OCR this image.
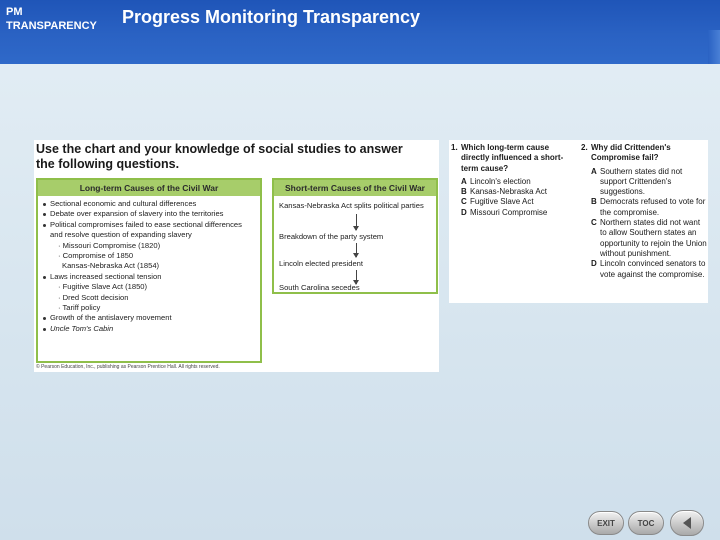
PM
TRANSPARENCY	Progress Monitoring Transparency
Use the chart and your knowledge of social studies to answer
the following questions.
Long-term Causes of the Civil War
Sectional economic and cultural differences
Debate over expansion of slavery into the territories
Political compromises failed to ease sectional differences
and resolve question of expanding slavery
· Missouri Compromise (1820)
· Compromise of 1850
Kansas-Nebraska Act (1854)
Laws increased sectional tension
· Fugitive Slave Act (1850)
· Dred Scott decision
· Tariff policy
Growth of the antislavery movement
Uncle Tom's Cabin
Short-term Causes of the Civil War
Kansas-Nebraska Act splits political parties
Breakdown of the party system
Lincoln elected president
South Carolina secedes
© Pearson Education, Inc., publishing as Pearson Prentice Hall. All rights reserved.
1. Which long-term cause directly influenced a short-term cause?
A Lincoln's election
B Kansas-Nebraska Act
C Fugitive Slave Act
D Missouri Compromise
2. Why did Crittenden's Compromise fail?
A Southern states did not support Crittenden's suggestions.
B Democrats refused to vote for the compromise.
C Northern states did not want to allow Southern states an opportunity to rejoin the Union without punishment.
D Lincoln convinced senators to vote against the compromise.
EXIT	TOC
